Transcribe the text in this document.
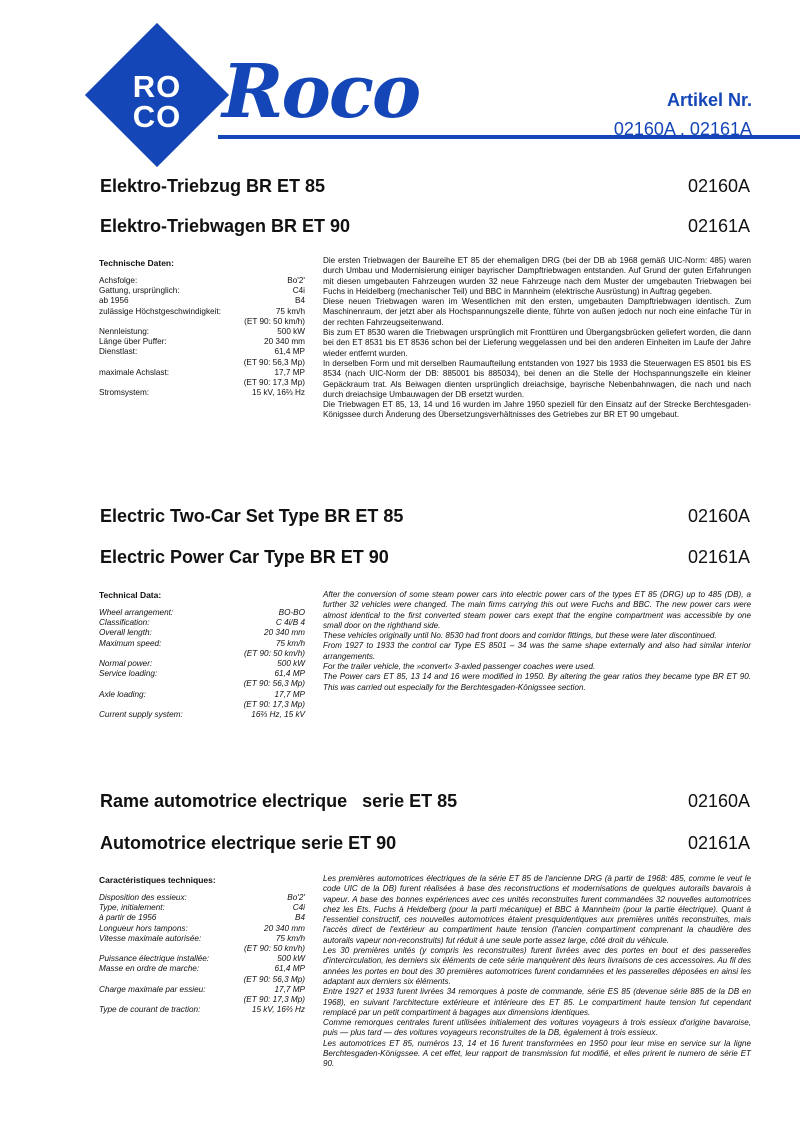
RO
CO Roco	Artikel Nr.
02160A , 02161A
Elektro-Triebzug BR ET 85	02160A
Elektro-Triebwagen BR ET 90	02161A
Technische Daten:
Achsfolge:	Bo'2'
Gattung, ursprünglich:	C4i
ab 1956	B4
zulässige Höchstgeschwindigkeit:	75 km/h
(ET 90: 50 km/h)
Nennleistung:	500 kW
Länge über Puffer:	20 340 mm
Dienstlast:	61,4 MP
(ET 90: 56,3 Mp)
maximale Achslast:	17,7 MP
(ET 90: 17,3 Mp)
Stromsystem:	15 kV, 16⅔ Hz

Die ersten Triebwagen der Baureihe ET 85 der ehemaligen DRG (bei der DB ab 1968 gemäß UIC-Norm: 485) waren durch Umbau und Modernisierung einiger bayrischer Dampftriebwagen entstanden. Auf Grund der guten Erfahrungen mit diesen umgebauten Fahrzeugen wurden 32 neue Fahrzeuge nach dem Muster der umgebauten Triebwagen bei Fuchs in Heidelberg (mechanischer Teil) und BBC in Mannheim (elektrische Ausrüstung) in Auftrag gegeben.

Diese neuen Triebwagen waren im Wesentlichen mit den ersten, umgebauten Dampftriebwagen identisch. Zum Maschinenraum, der jetzt aber als Hochspannungszelle diente, führte von außen jedoch nur noch eine einfache Tür in der rechten Fahrzeugseitenwand.

Bis zum ET 8530 waren die Triebwagen ursprünglich mit Fronttüren und Übergangsbrücken geliefert worden, die dann bei den ET 8531 bis ET 8536 schon bei der Lieferung weggelassen und bei den anderen Einheiten im Laufe der Jahre wieder entfernt wurden.

In derselben Form und mit derselben Raumaufteilung entstanden von 1927 bis 1933 die Steuerwagen ES 8501 bis ES 8534 (nach UIC-Norm der DB: 885001 bis 885034), bei denen an die Stelle der Hochspannungszelle ein kleiner Gepäckraum trat. Als Beiwagen dienten ursprünglich dreiachsige, bayrische Nebenbahnwagen, die nach und nach durch dreiachsige Umbauwagen der DB ersetzt wurden.

Die Triebwagen ET 85, 13, 14 und 16 wurden im Jahre 1950 speziell für den Einsatz auf der Strecke Berchtesgaden-Königssee durch Änderung des Übersetzungsverhältnisses des Getriebes zur BR ET 90 umgebaut.

Electric Two-Car Set Type BR ET 85	02160A
Electric Power Car Type BR ET 90	02161A
Technical Data:
Wheel arrangement:	BO-BO
Classification:	C 4i/B 4
Overall length:	20 340 mm
Maximum speed:	75 km/h
(ET 90: 50 km/h)
Normal power:	500 kW
Service loading:	61,4 MP
(ET 90: 56,3 Mp)
Axle loading:	17,7 MP
(ET 90: 17,3 Mp)
Current supply system:	16⅔ Hz, 15 kV

After the conversion of some steam power cars into electric power cars of the types ET 85 (DRG) up to 485 (DB), a further 32 vehicles were changed. The main firms carrying this out were Fuchs and BBC. The new power cars were almost identical to the first converted steam power cars exept that the engine compartment was accessible by one small door on the righthand side.

These vehicles originally until No. 8530 had front doors and corridor fittings, but these were later discontinued.

From 1927 to 1933 the control car Type ES 8501 – 34 was the same shape externally and also had similar interior arrangements.

For the trailer vehicle, the »convert« 3-axled passenger coaches were used.

The Power cars ET 85, 13 14 and 16 were modified in 1950. By altering the gear ratios they became type BR ET 90. This was carried out especially for the Berchtesgaden-Königssee section.

Rame automotrice electrique   serie ET 85	02160A
Automotrice electrique serie ET 90	02161A
Caractéristiques techniques:
Disposition des essieux:	Bo'2'
Type, initialement:	C4i
à partir de 1956	B4
Longueur hors tampons:	20 340 mm
Vitesse maximale autorisée:	75 km/h
(ET 90: 50 km/h)
Puissance électrique installée:	500 kW
Masse en ordre de marche:	61,4 MP
(ET 90: 56,3 Mp)
Charge maximale par essieu:	17,7 MP
(ET 90: 17,3 Mp)
Type de courant de traction:	15 kV, 16⅔ Hz

Les premières automotrices électriques de la série ET 85 de l'ancienne DRG (à partir de 1968: 485, comme le veut le code UIC de la DB) furent réalisées à base des reconstructions et modernisations de quelques autorails bavarois à vapeur. A base des bonnes expériences avec ces unités reconstruites furent commandées 32 nouvelles automotrices chez les Ets. Fuchs à Heidelberg (pour la parti mécanique) et BBC à Mannheim (pour la partie électrique). Quant à l'essentiel constructif, ces nouvelles automotrices étaient presquidentiques aux premières unités reconstruites, mais l'accès direct de l'extérieur au compartiment haute tension (l'ancien compartiment comprenant la chaudière des autorails vapeur non-reconstruits) fut réduit à une seule porte assez large, côté droit du véhicule.

Les 30 premières unités (y compris les reconstruites) furent livrées avec des portes en bout et des passerelles d'intercirculation, les derniers six éléments de cete série manquèrent dès leurs livraisons de ces accessoires. Au fil des années les portes en bout des 30 premières automotrices furent condamnées et les passerelles déposées en ainsi les adaptant aux derniers six éléments.

Entre 1927 et 1933 furent livrées 34 remorques à poste de commande, série ES 85 (devenue série 885 de la DB en 1968), en suivant l'architecture extérieure et intérieure des ET 85. Le compartiment haute tension fut cependant remplacé par un petit compartiment à bagages aux dimensions identiques.

Comme remorques centrales furent utilisées initialement des voitures voyageurs à trois essieux d'origine bavaroise, puis — plus tard — des voitures voyageurs reconstruites de la DB, également à trois essieux.

Les automotrices ET 85, numéros 13, 14 et 16 furent transformées en 1950 pour leur mise en service sur la ligne Berchtesgaden-Königssee. A cet effet, leur rapport de transmission fut modifié, et elles prirent le numero de série ET 90.
